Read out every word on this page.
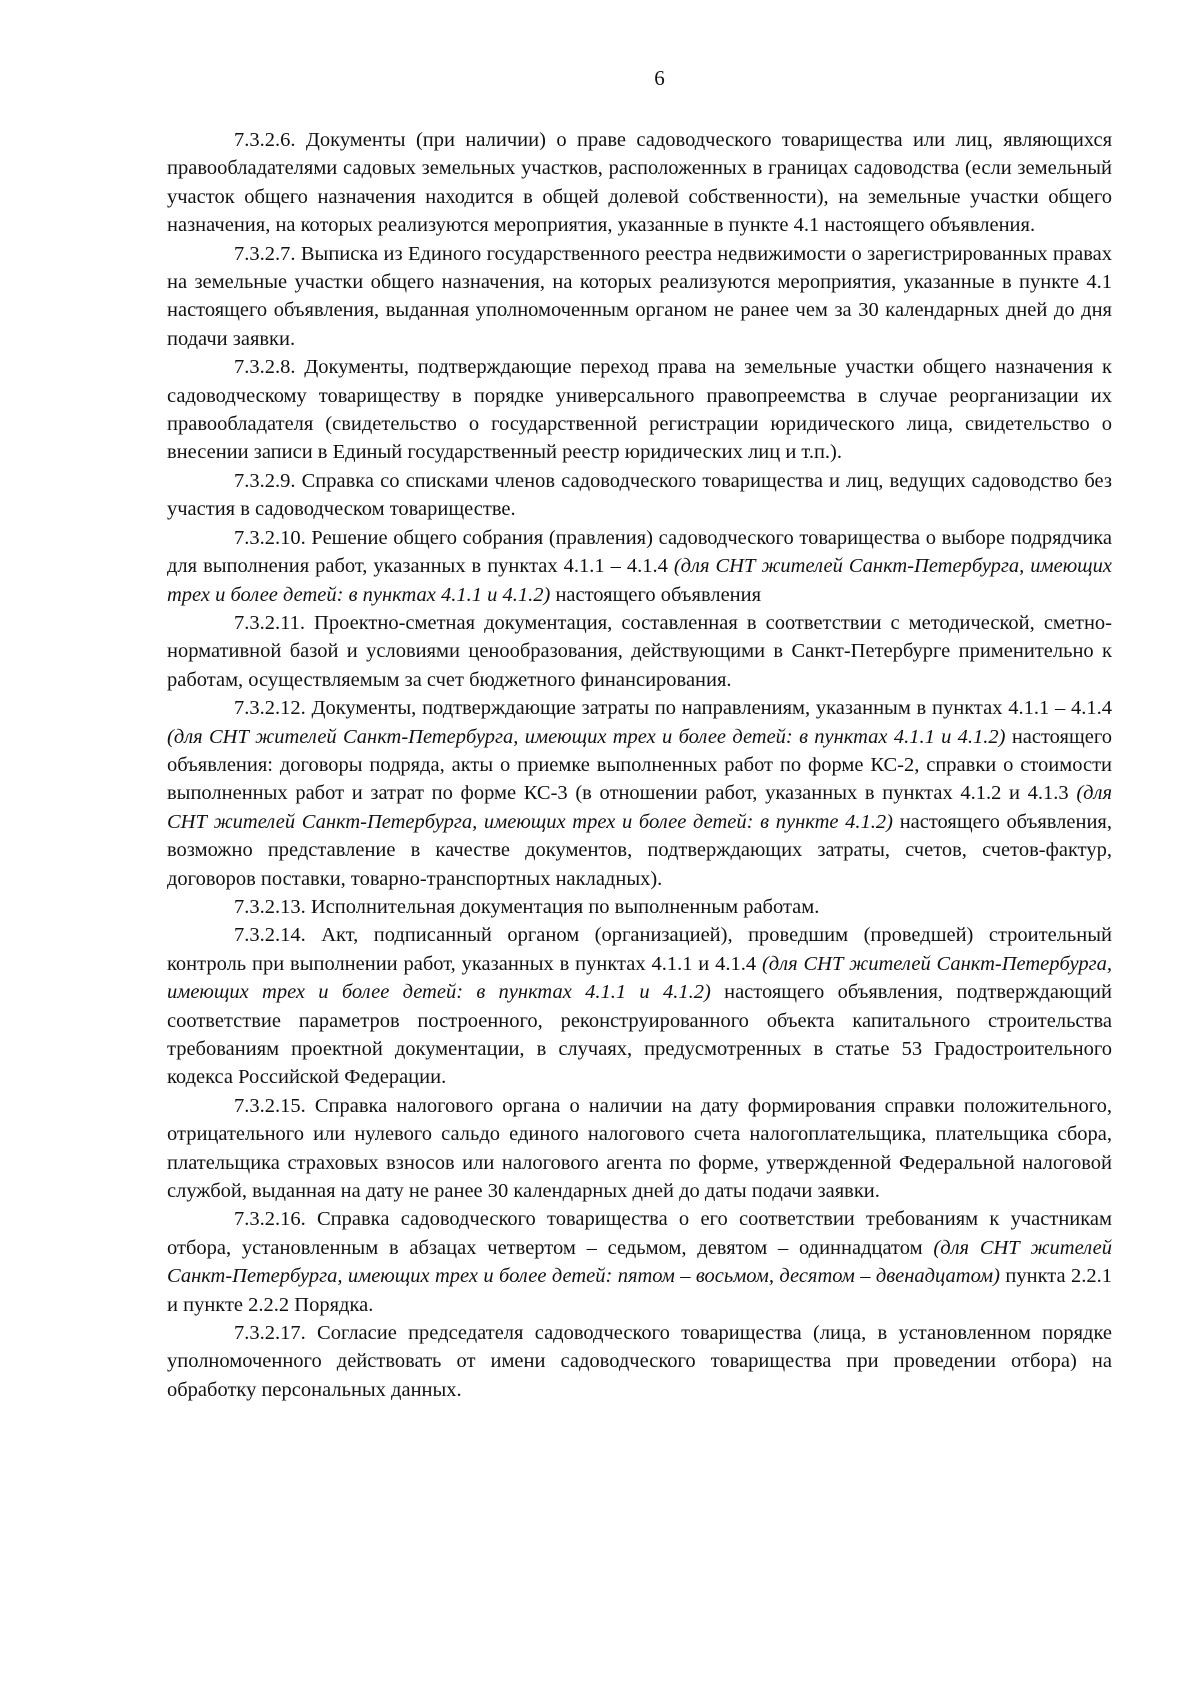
6

7.3.2.6. Документы (при наличии) о праве садоводческого товарищества или лиц, являющихся правообладателями садовых земельных участков, расположенных в границах садоводства (если земельный участок общего назначения находится в общей долевой собственности), на земельные участки общего назначения, на которых реализуются мероприятия, указанные в пункте 4.1 настоящего объявления.

7.3.2.7. Выписка из Единого государственного реестра недвижимости о зарегистрированных правах на земельные участки общего назначения, на которых реализуются мероприятия, указанные в пункте 4.1 настоящего объявления, выданная уполномоченным органом не ранее чем за 30 календарных дней до дня подачи заявки.

7.3.2.8. Документы, подтверждающие переход права на земельные участки общего назначения к садоводческому товариществу в порядке универсального правопреемства в случае реорганизации их правообладателя (свидетельство о государственной регистрации юридического лица, свидетельство о внесении записи в Единый государственный реестр юридических лиц и т.п.).

7.3.2.9. Справка со списками членов садоводческого товарищества и лиц, ведущих садоводство без участия в садоводческом товариществе.

7.3.2.10. Решение общего собрания (правления) садоводческого товарищества о выборе подрядчика для выполнения работ, указанных в пунктах 4.1.1 – 4.1.4 (для СНТ жителей Санкт-Петербурга, имеющих трех и более детей: в пунктах 4.1.1 и 4.1.2) настоящего объявления

7.3.2.11. Проектно-сметная документация, составленная в соответствии с методической, сметно-нормативной базой и условиями ценообразования, действующими в Санкт-Петербурге применительно к работам, осуществляемым за счет бюджетного финансирования.

7.3.2.12. Документы, подтверждающие затраты по направлениям, указанным в пунктах 4.1.1 – 4.1.4 (для СНТ жителей Санкт-Петербурга, имеющих трех и более детей: в пунктах 4.1.1 и 4.1.2) настоящего объявления: договоры подряда, акты о приемке выполненных работ по форме КС-2, справки о стоимости выполненных работ и затрат по форме КС-3 (в отношении работ, указанных в пунктах 4.1.2 и 4.1.3 (для СНТ жителей Санкт-Петербурга, имеющих трех и более детей: в пункте 4.1.2) настоящего объявления, возможно представление в качестве документов, подтверждающих затраты, счетов, счетов-фактур, договоров поставки, товарно-транспортных накладных).

7.3.2.13. Исполнительная документация по выполненным работам.

7.3.2.14. Акт, подписанный органом (организацией), проведшим (проведшей) строительный контроль при выполнении работ, указанных в пунктах 4.1.1 и 4.1.4 (для СНТ жителей Санкт-Петербурга, имеющих трех и более детей: в пунктах 4.1.1 и 4.1.2) настоящего объявления, подтверждающий соответствие параметров построенного, реконструированного объекта капитального строительства требованиям проектной документации, в случаях, предусмотренных в статье 53 Градостроительного кодекса Российской Федерации.

7.3.2.15. Справка налогового органа о наличии на дату формирования справки положительного, отрицательного или нулевого сальдо единого налогового счета налогоплательщика, плательщика сбора, плательщика страховых взносов или налогового агента по форме, утвержденной Федеральной налоговой службой, выданная на дату не ранее 30 календарных дней до даты подачи заявки.

7.3.2.16. Справка садоводческого товарищества о его соответствии требованиям к участникам отбора, установленным в абзацах четвертом – седьмом, девятом – одиннадцатом (для СНТ жителей Санкт-Петербурга, имеющих трех и более детей: пятом – восьмом, десятом – двенадцатом) пункта 2.2.1 и пункте 2.2.2 Порядка.

7.3.2.17. Согласие председателя садоводческого товарищества (лица, в установленном порядке уполномоченного действовать от имени садоводческого товарищества при проведении отбора) на обработку персональных данных.
